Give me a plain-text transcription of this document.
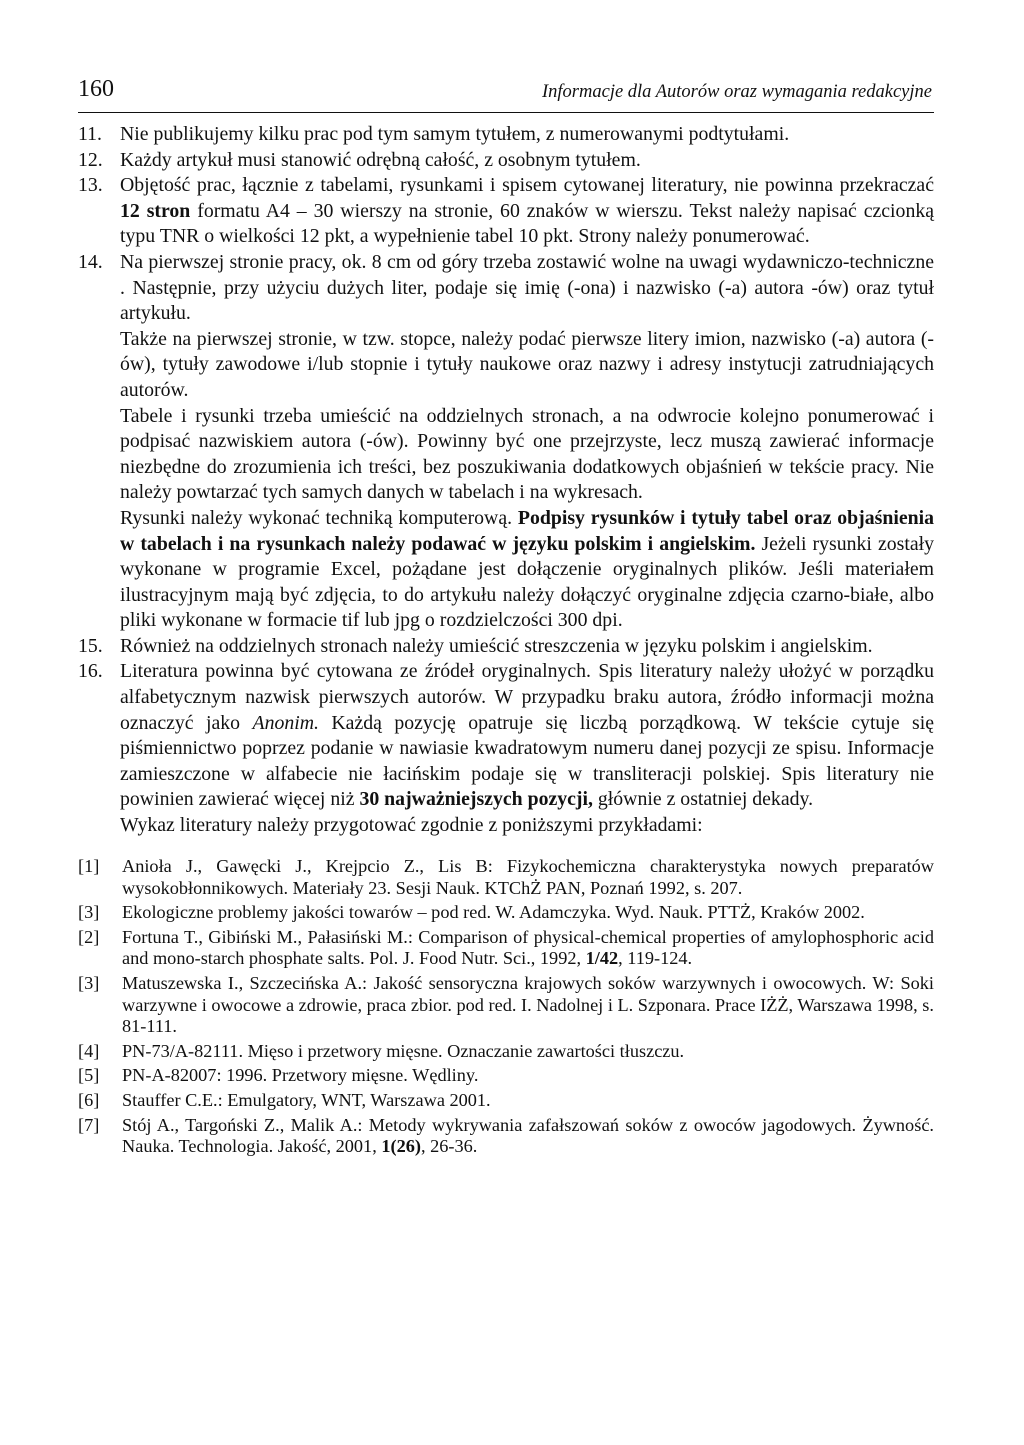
160	Informacje dla Autorów oraz wymagania redakcyjne
11. Nie publikujemy kilku prac pod tym samym tytułem, z numerowanymi podtytułami.
12. Każdy artykuł musi stanowić odrębną całość, z osobnym tytułem.
13. Objętość prac, łącznie z tabelami, rysunkami i spisem cytowanej literatury, nie powinna przekraczać 12 stron formatu A4 – 30 wierszy na stronie, 60 znaków w wierszu. Tekst należy napisać czcionką typu TNR o wielkości 12 pkt, a wypełnienie tabel 10 pkt. Strony należy ponumerować.
14. Na pierwszej stronie pracy, ok. 8 cm od góry trzeba zostawić wolne na uwagi wydawniczo-techniczne . Następnie, przy użyciu dużych liter, podaje się imię (-ona) i nazwisko (-a) autora -ów) oraz tytuł artykułu.
Także na pierwszej stronie, w tzw. stopce, należy podać pierwsze litery imion, nazwisko (-a) autora (-ów), tytuły zawodowe i/lub stopnie i tytuły naukowe oraz nazwy i adresy instytucji zatrudniających autorów.
Tabele i rysunki trzeba umieścić na oddzielnych stronach, a na odwrocie kolejno ponumerować i podpisać nazwiskiem autora (-ów). Powinny być one przejrzyste, lecz muszą zawierać informacje niezbędne do zrozumienia ich treści, bez poszukiwania dodatkowych objaśnień w tekście pracy. Nie należy powtarzać tych samych danych w tabelach i na wykresach.
Rysunki należy wykonać techniką komputerową. Podpisy rysunków i tytuły tabel oraz objaśnienia w tabelach i na rysunkach należy podawać w języku polskim i angielskim. Jeżeli rysunki zostały wykonane w programie Excel, pożądane jest dołączenie oryginalnych plików. Jeśli materiałem ilustracyjnym mają być zdjęcia, to do artykułu należy dołączyć oryginalne zdjęcia czarno-białe, albo pliki wykonane w formacie tif lub jpg o rozdzielczości 300 dpi.
15. Również na oddzielnych stronach należy umieścić streszczenia w języku polskim i angielskim.
16. Literatura powinna być cytowana ze źródeł oryginalnych. Spis literatury należy ułożyć w porządku alfabetycznym nazwisk pierwszych autorów. W przypadku braku autora, źródło informacji można oznaczyć jako Anonim. Każdą pozycję opatruje się liczbą porządkową. W tekście cytuje się piśmiennictwo poprzez podanie w nawiasie kwadratowym numeru danej pozycji ze spisu. Informacje zamieszczone w alfabecie nie łacińskim podaje się w transliteracji polskiej. Spis literatury nie powinien zawierać więcej niż 30 najważniejszych pozycji, głównie z ostatniej dekady.
Wykaz literatury należy przygotować zgodnie z poniższymi przykładami:
[1] Anioła J., Gawęcki J., Krejpcio Z., Lis B: Fizykochemiczna charakterystyka nowych preparatów wysokobłonnikowych. Materiały 23. Sesji Nauk. KTChŻ PAN, Poznań 1992, s. 207.
[3] Ekologiczne problemy jakości towarów – pod red. W. Adamczyka. Wyd. Nauk. PTTŻ, Kraków 2002.
[2] Fortuna T., Gibiński M., Pałasiński M.: Comparison of physical-chemical properties of amylophosphoric acid and mono-starch phosphate salts. Pol. J. Food Nutr. Sci., 1992, 1/42, 119-124.
[3] Matuszewska I., Szczecińska A.: Jakość sensoryczna krajowych soków warzywnych i owocowych. W: Soki warzywne i owocowe a zdrowie, praca zbior. pod red. I. Nadolnej i L. Szponara. Prace IŻŻ, Warszawa 1998, s. 81-111.
[4] PN-73/A-82111. Mięso i przetwory mięsne. Oznaczanie zawartości tłuszczu.
[5] PN-A-82007: 1996. Przetwory mięsne. Wędliny.
[6] Stauffer C.E.: Emulgatory, WNT, Warszawa 2001.
[7] Stój A., Targoński Z., Malik A.: Metody wykrywania zafałszowań soków z owoców jagodowych. Żywność. Nauka. Technologia. Jakość, 2001, 1(26), 26-36.
